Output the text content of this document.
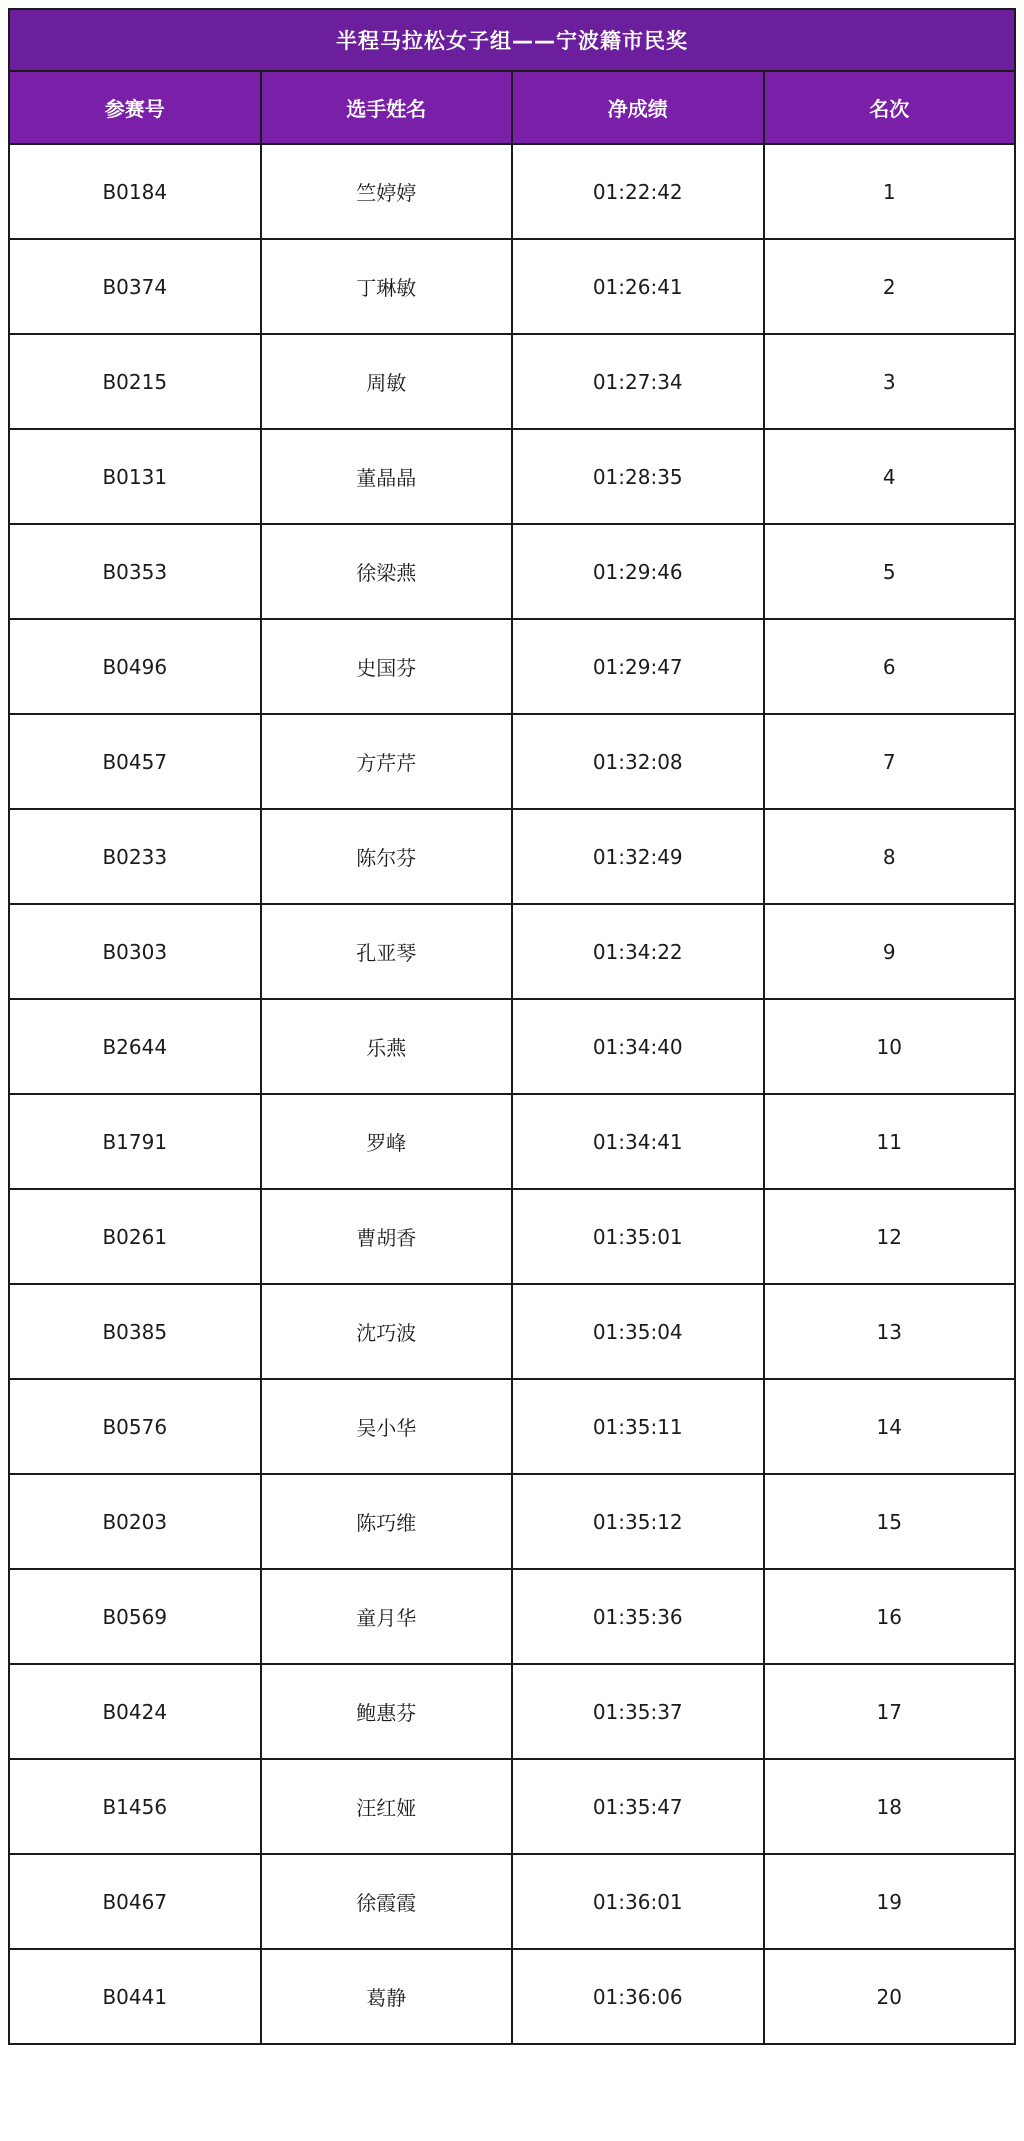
半程马拉松女子组——宁波籍市民奖			
参赛号	选手姓名	净成绩	名次
B0184	竺婷婷	01:22:42	1
B0374	丁琳敏	01:26:41	2
B0215	周敏	01:27:34	3
B0131	董晶晶	01:28:35	4
B0353	徐梁燕	01:29:46	5
B0496	史国芬	01:29:47	6
B0457	方芹芹	01:32:08	7
B0233	陈尔芬	01:32:49	8
B0303	孔亚琴	01:34:22	9
B2644	乐燕	01:34:40	10
B1791	罗峰	01:34:41	11
B0261	曹胡香	01:35:01	12
B0385	沈巧波	01:35:04	13
B0576	吴小华	01:35:11	14
B0203	陈巧维	01:35:12	15
B0569	童月华	01:35:36	16
B0424	鲍惠芬	01:35:37	17
B1456	汪红娅	01:35:47	18
B0467	徐霞霞	01:36:01	19
B0441	葛静	01:36:06	20
